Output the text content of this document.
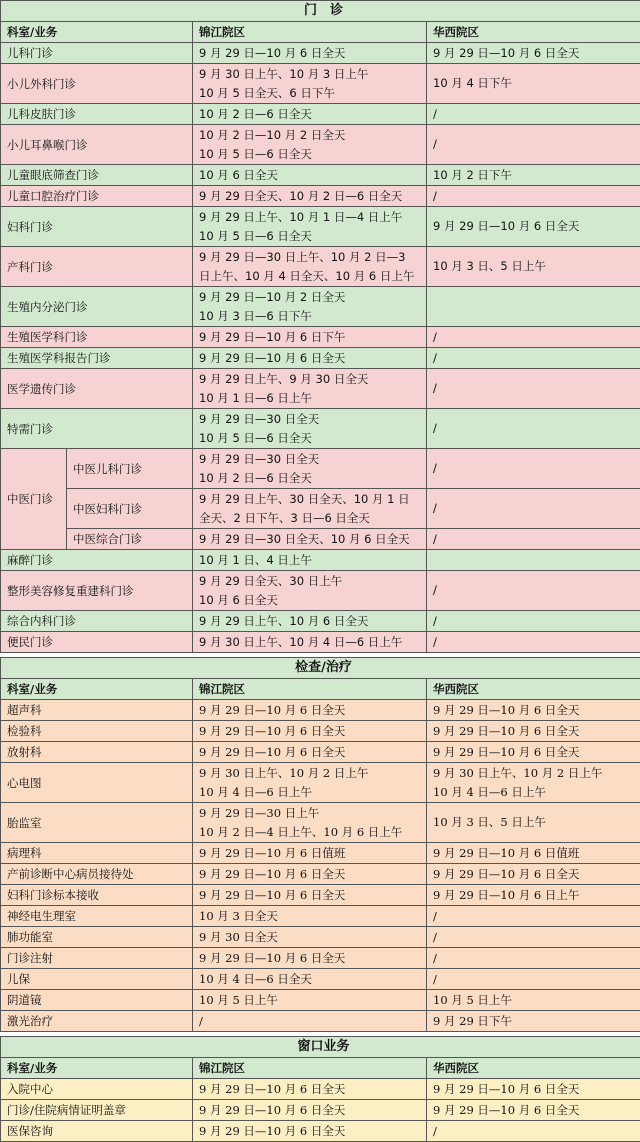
门　诊			
科室/业务		锦江院区	华西院区
儿科门诊		9 月 29 日—10 月 6 日全天	9 月 29 日—10 月 6 日全天

小儿外科门诊		9 月 30 日上午、10 月 3 日上午
10 月 5 日全天、6 日下午	10 月 4 日下午

儿科皮肤门诊		10 月 2 日—6 日全天	/

小儿耳鼻喉门诊		10 月 2 日—10 月 2 日全天
10 月 5 日—6 日全天	/

儿童眼底筛查门诊		10 月 6 日全天	10 月 2 日下午

儿童口腔治疗门诊		9 月 29 日全天、10 月 2 日—6 日全天	/

妇科门诊		9 月 29 日上午、10 月 1 日—4 日上午
10 月 5 日—6 日全天	9 月 29 日—10 月 6 日全天

产科门诊		9 月 29 日—30 日上午、10 月 2 日—3
日上午、10 月 4 日全天、10 月 6 日上午	10 月 3 日、5 日上午

生殖内分泌门诊		9 月 29 日—10 月 2 日全天
10 月 3 日—6 日下午	

生殖医学科门诊		9 月 29 日—10 月 6 日下午	/

生殖医学科报告门诊		9 月 29 日—10 月 6 日全天	/

医学遗传门诊		9 月 29 日上午、9 月 30 日全天
10 月 1 日—6 日上午	/

特需门诊		9 月 29 日—30 日全天
10 月 5 日—6 日全天	/

中医门诊	中医儿科门诊	9 月 29 日—30 日全天
10 月 2 日—6 日全天	/

	中医妇科门诊	9 月 29 日上午、30 日全天、10 月 1 日
全天、2 日下午、3 日—6 日全天	/

	中医综合门诊	9 月 29 日—30 日全天、10 月 6 日全天	/

麻醉门诊		10 月 1 日、4 日上午	

整形美容修复重建科门诊		9 月 29 日全天、30 日上午
10 月 6 日全天	/

综合内科门诊		9 月 29 日上午、10 月 6 日全天	/

便民门诊		9 月 30 日上午、10 月 4 日—6 日上午	/
检查/治疗		
科室/业务	锦江院区	华西院区
超声科	9 月 29 日—10 月 6 日全天	9 月 29 日—10 月 6 日全天

检验科	9 月 29 日—10 月 6 日全天	9 月 29 日—10 月 6 日全天

放射科	9 月 29 日—10 月 6 日全天	9 月 29 日—10 月 6 日全天

心电图	9 月 30 日上午、10 月 2 日上午
10 月 4 日—6 日上午	9 月 30 日上午、10 月 2 日上午
10 月 4 日—6 日上午

胎监室	9 月 29 日—30 日上午
10 月 2 日—4 日上午、10 月 6 日上午	10 月 3 日、5 日上午

病理科	9 月 29 日—10 月 6 日值班	9 月 29 日—10 月 6 日值班

产前诊断中心病员接待处	9 月 29 日—10 月 6 日全天	9 月 29 日—10 月 6 日全天

妇科门诊标本接收	9 月 29 日—10 月 6 日全天	9 月 29 日—10 月 6 日上午

神经电生理室	10 月 3 日全天	/

肺功能室	9 月 30 日全天	/

门诊注射	9 月 29 日—10 月 6 日全天	/

儿保	10 月 4 日—6 日全天	/

阴道镜	10 月 5 日上午	10 月 5 日上午

激光治疗	/	9 月 29 日下午
窗口业务		
科室/业务	锦江院区	华西院区
入院中心	9 月 29 日—10 月 6 日全天	9 月 29 日—10 月 6 日全天

门诊/住院病情证明盖章	9 月 29 日—10 月 6 日全天	9 月 29 日—10 月 6 日全天

医保咨询	9 月 29 日—10 月 6 日全天	/
